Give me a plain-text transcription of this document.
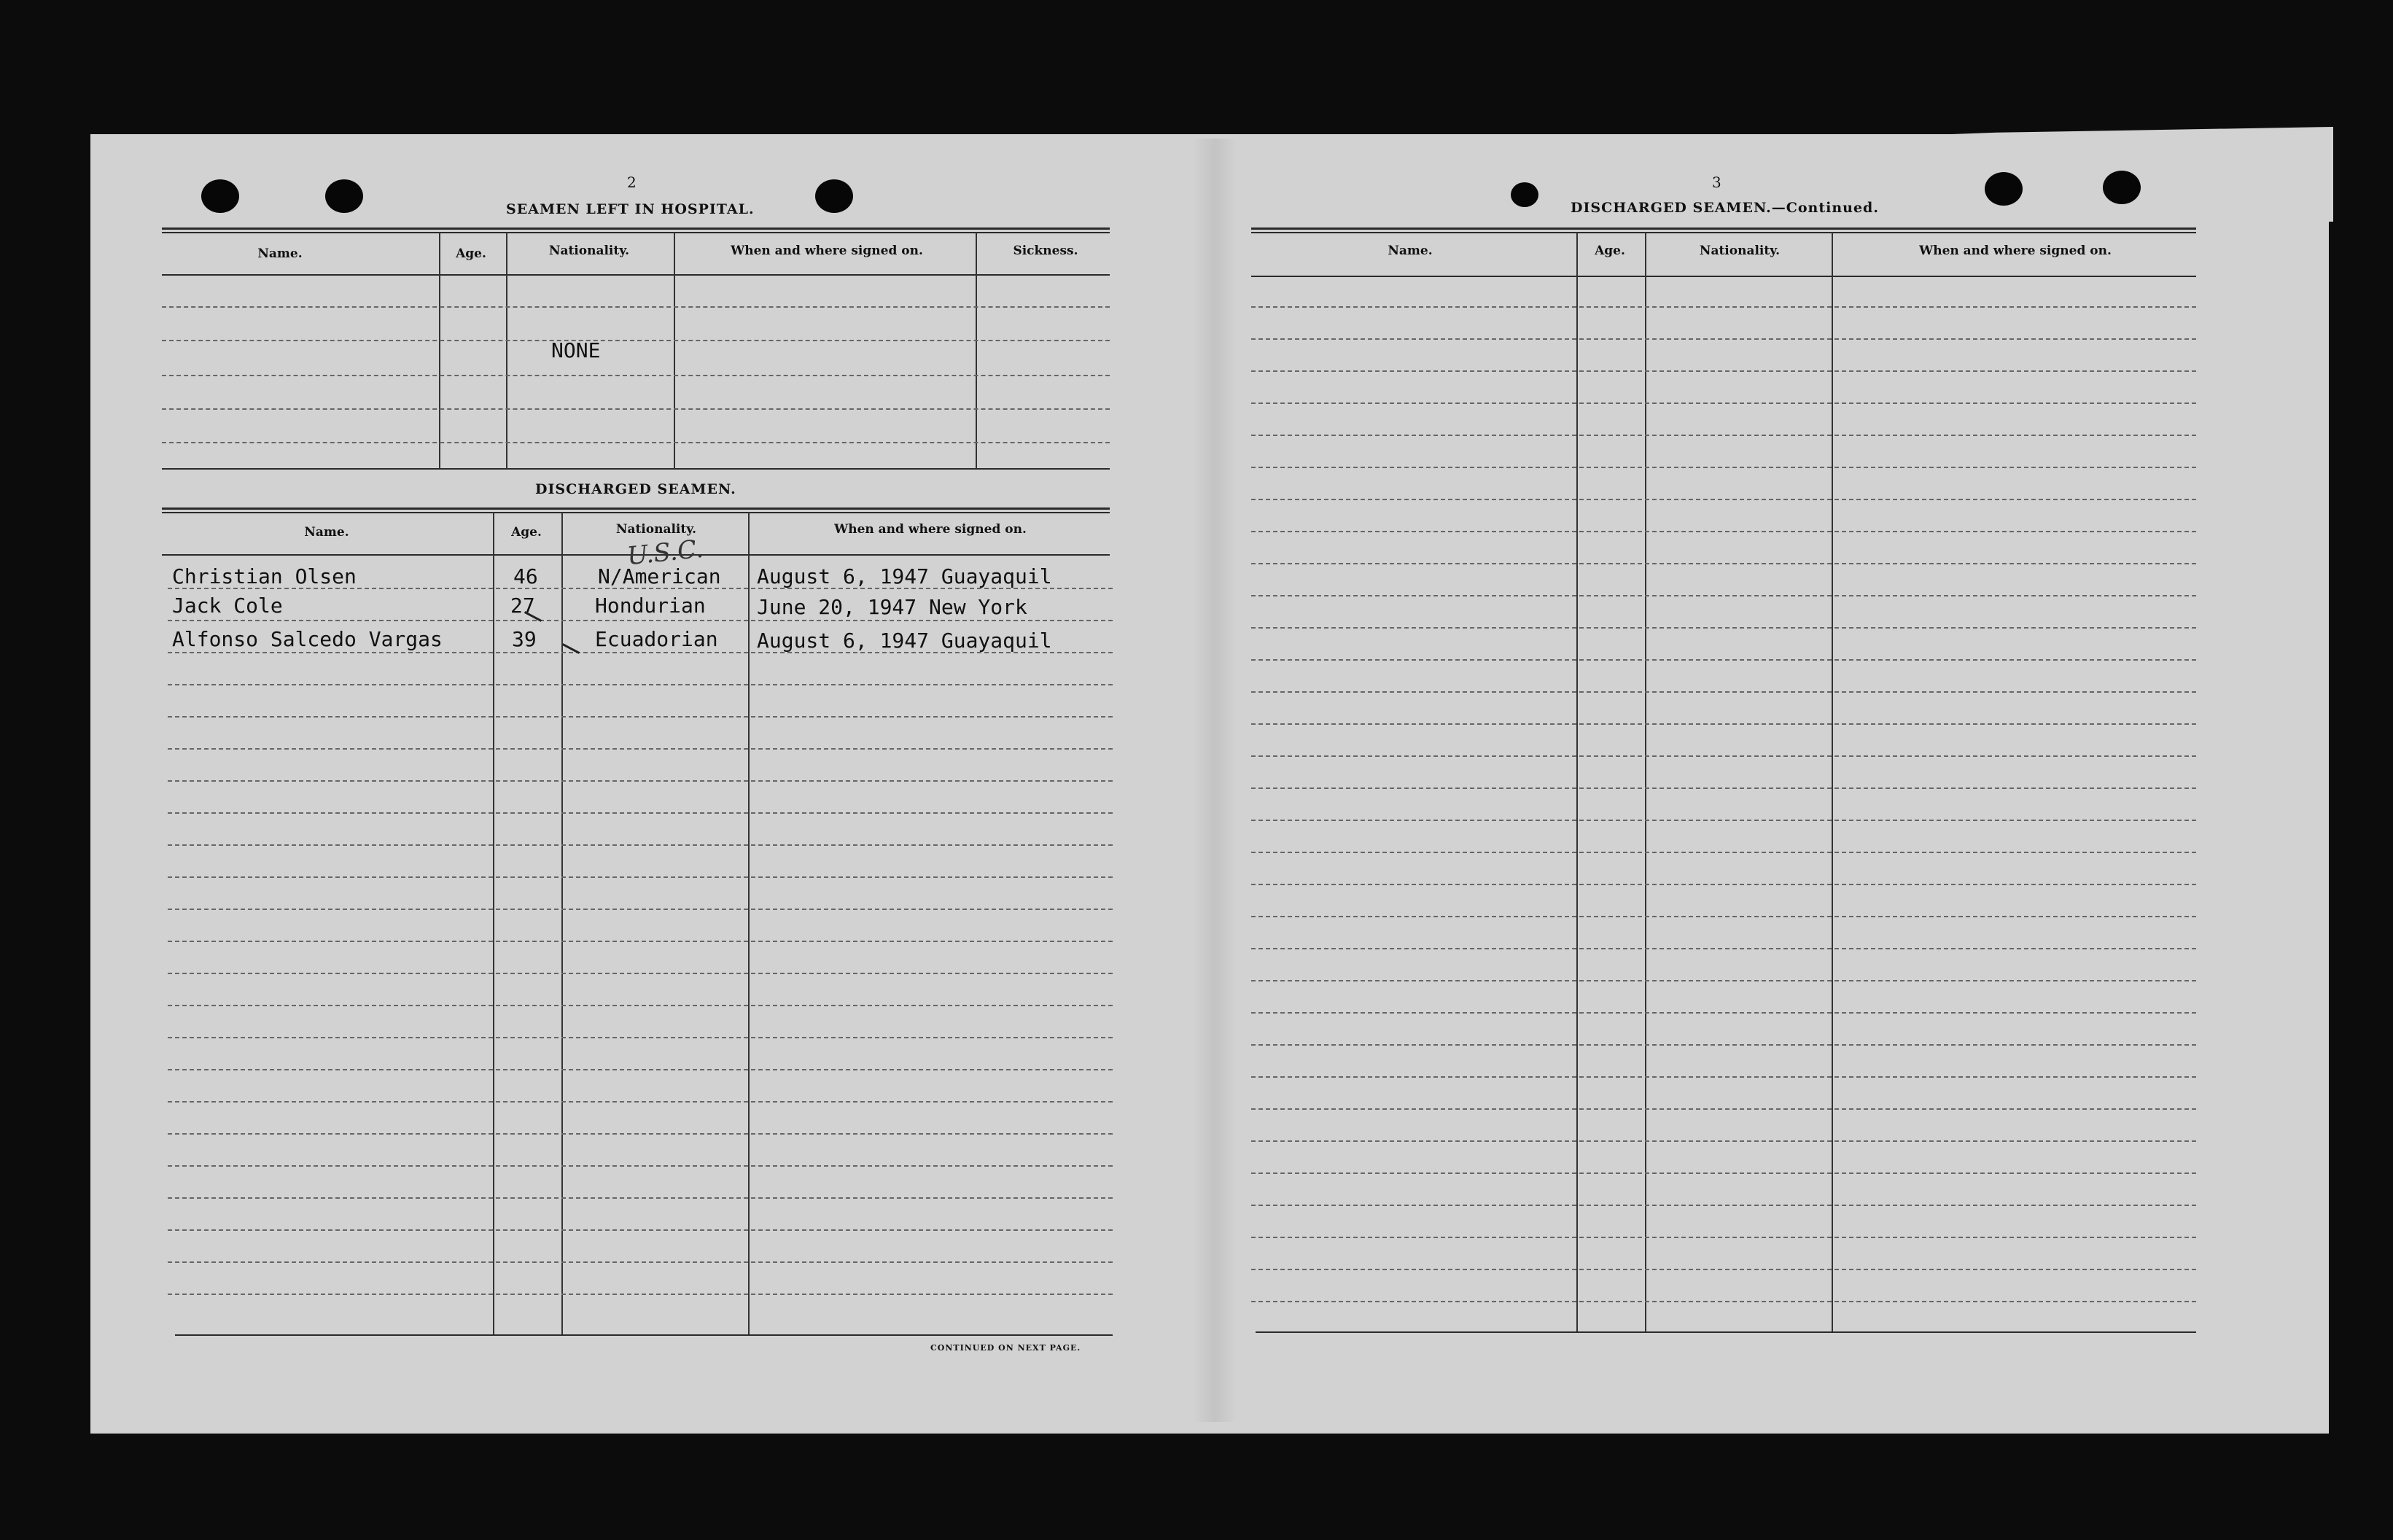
2
SEAMEN LEFT IN HOSPITAL.
Name.	Age.	Nationality.	When and where signed on.	Sickness.
NONE
DISCHARGED SEAMEN.
Name.	Age.	Nationality.	When and where signed on.
U.S.C.
Christian Olsen	46	N/American August 6, 1947 Guayaquil
Jack Cole	27	Hondurian	June 20, 1947 New York
Alfonso Salcedo Vargas	39	Ecuadorian August 6, 1947 Guayaquil
CONTINUED ON NEXT PAGE.
3
DISCHARGED SEAMEN.—Continued.
Name.	Age.	Nationality.	When and where signed on.
